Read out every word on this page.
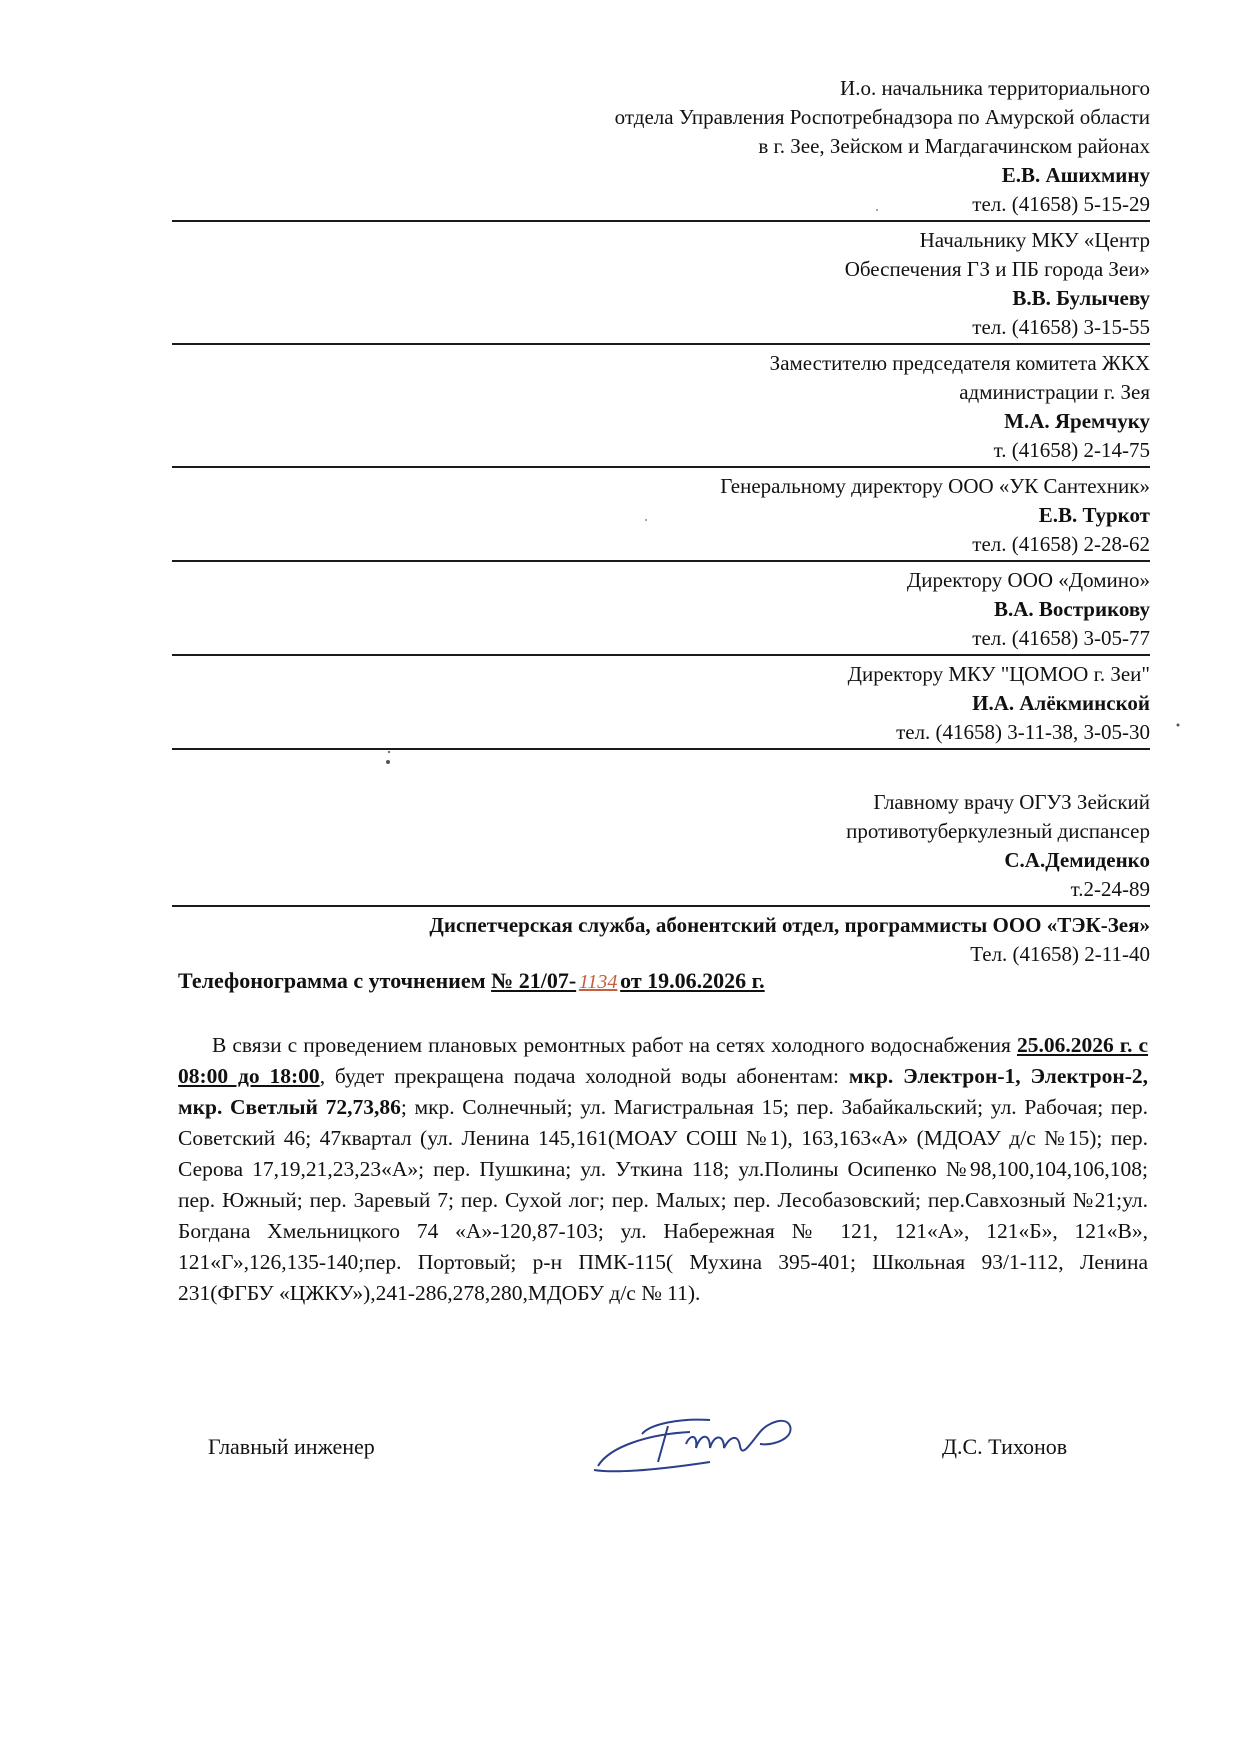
И.о. начальника территориального
отдела Управления Роспотребнадзора по Амурской области
в г. Зее, Зейском и Магдагачинском районах
Е.В. Ашихмину
тел. (41658) 5-15-29
Начальнику МКУ «Центр
Обеспечения ГЗ и ПБ города Зеи»
В.В. Булычеву
тел. (41658) 3-15-55
Заместителю председателя комитета ЖКХ
администрации г. Зея
М.А. Яремчуку
т. (41658) 2-14-75
Генеральному директору ООО «УК Сантехник»
Е.В. Туркот
тел. (41658) 2-28-62
Директору ООО «Домино»
В.А. Вострикову
тел. (41658) 3-05-77
Директору МКУ "ЦОМОО г. Зеи"
И.А. Алёкминской
тел. (41658) 3-11-38, 3-05-30
Главному врачу ОГУЗ Зейский
противотуберкулезный диспансер
С.А.Демиденко
т.2-24-89
Диспетчерская служба, абонентский отдел, программисты ООО «ТЭК-Зея»
Тел. (41658) 2-11-40
Телефонограмма с уточнением № 21/07- 1134 от 19.06.2026 г.
В связи с проведением плановых ремонтных работ на сетях холодного водоснабжения 25.06.2026 г. с 08:00 до 18:00, будет прекращена подача холодной воды абонентам: мкр. Электрон-1, Электрон-2, мкр. Светлый 72,73,86; мкр. Солнечный; ул. Магистральная 15; пер. Забайкальский; ул. Рабочая; пер. Советский 46; 47квартал (ул. Ленина 145,161(МОАУ СОШ №1), 163,163«А» (МДОАУ д/с №15); пер. Серова 17,19,21,23,23«А»; пер. Пушкина; ул. Уткина 118; ул.Полины Осипенко №98,100,104,106,108; пер. Южный; пер. Заревый 7; пер. Сухой лог; пер. Малых; пер. Лесобазовский; пер.Савхозный №21;ул. Богдана Хмельницкого 74 «А»-120,87-103; ул. Набережная № 121, 121«А», 121«Б», 121«В», 121«Г»,126,135-140;пер. Портовый; р-н ПМК-115( Мухина 395-401; Школьная 93/1-112, Ленина 231(ФГБУ «ЦЖКУ»),241-286,278,280,МДОБУ д/с № 11).
Главный инженер	Д.С. Тихонов
